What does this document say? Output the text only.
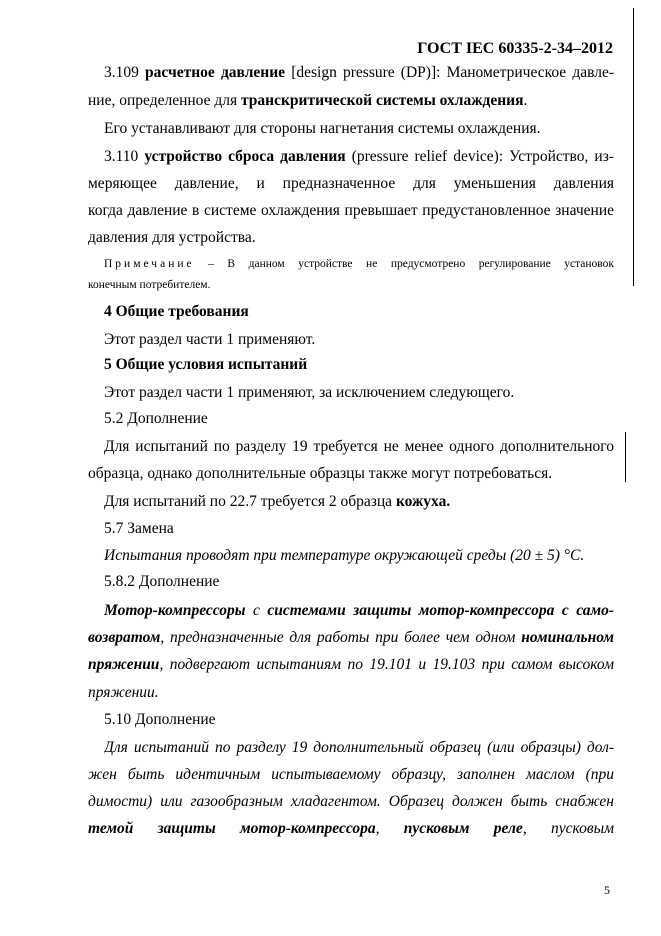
ГОСТ IEC 60335-2-34–2012
3.109 расчетное давление [design pressure (DP)]: Манометрическое давле-
ние, определенное для транскритической системы охлаждения.
Его устанавливают для стороны нагнетания системы охлаждения.
3.110 устройство сброса давления (pressure relief device): Устройство, из-
меряющее давление, и предназначенное для уменьшения давления
когда давление в системе охлаждения превышает предустановленное значение
давления для устройства.
Примечание – В данном устройстве не предусмотрено регулирование установок
конечным потребителем.
4 Общие требования
Этот раздел части 1 применяют.
5 Общие условия испытаний
Этот раздел части 1 применяют, за исключением следующего.
5.2 Дополнение
Для испытаний по разделу 19 требуется не менее одного дополнительного
образца, однако дополнительные образцы также могут потребоваться.
Для испытаний по 22.7 требуется 2 образца кожуха.
5.7 Замена
Испытания проводят при температуре окружающей среды (20 ± 5) °С.
5.8.2 Дополнение
Мотор-компрессоры с системами защиты мотор-компрессора с само-
возвратом, предназначенные для работы при более чем одном номинальном
пряжении, подвергают испытаниям по 19.101 и 19.103 при самом высоком
пряжении.
5.10 Дополнение
Для испытаний по разделу 19 дополнительный образец (или образцы) дол-
жен быть идентичным испытываемому образцу, заполнен маслом (при
димости) или газообразным хладагентом. Образец должен быть снабжен
темой защиты мотор-компрессора, пусковым реле, пусковым
5
